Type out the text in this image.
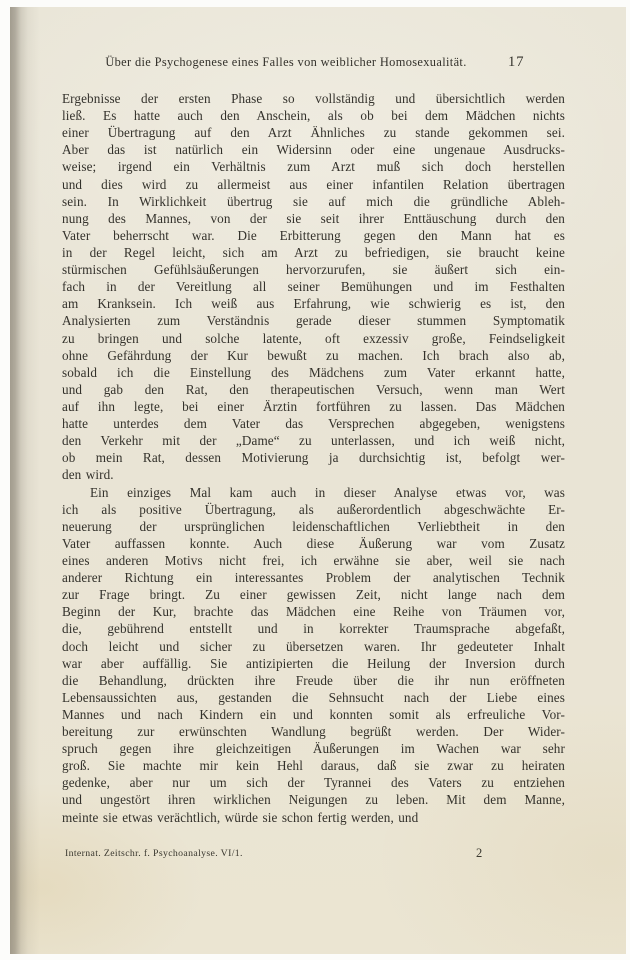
Über die Psychogenese eines Falles von weiblicher Homosexualität.	17
Ergebnisse der ersten Phase so vollständig und übersichtlich werden
ließ. Es hatte auch den Anschein, als ob bei dem Mädchen nichts
einer Übertragung auf den Arzt Ähnliches zu stande gekommen sei.
Aber das ist natürlich ein Widersinn oder eine ungenaue Ausdrucks-
weise; irgend ein Verhältnis zum Arzt muß sich doch herstellen
und dies wird zu allermeist aus einer infantilen Relation übertragen
sein. In Wirklichkeit übertrug sie auf mich die gründliche Ableh-
nung des Mannes, von der sie seit ihrer Enttäuschung durch den
Vater beherrscht war. Die Erbitterung gegen den Mann hat es
in der Regel leicht, sich am Arzt zu befriedigen, sie braucht keine
stürmischen Gefühlsäußerungen hervorzurufen, sie äußert sich ein-
fach in der Vereitlung all seiner Bemühungen und im Festhalten
am Kranksein. Ich weiß aus Erfahrung, wie schwierig es ist, den
Analysierten zum Verständnis gerade dieser stummen Symptomatik
zu bringen und solche latente, oft exzessiv große, Feindseligkeit
ohne Gefährdung der Kur bewußt zu machen. Ich brach also ab,
sobald ich die Einstellung des Mädchens zum Vater erkannt hatte,
und gab den Rat, den therapeutischen Versuch, wenn man Wert
auf ihn legte, bei einer Ärztin fortführen zu lassen. Das Mädchen
hatte unterdes dem Vater das Versprechen abgegeben, wenigstens
den Verkehr mit der „Dame“ zu unterlassen, und ich weiß nicht,
ob mein Rat, dessen Motivierung ja durchsichtig ist, befolgt wer-
den wird.
Ein einziges Mal kam auch in dieser Analyse etwas vor, was
ich als positive Übertragung, als außerordentlich abgeschwächte Er-
neuerung der ursprünglichen leidenschaftlichen Verliebtheit in den
Vater auffassen konnte. Auch diese Äußerung war vom Zusatz
eines anderen Motivs nicht frei, ich erwähne sie aber, weil sie nach
anderer Richtung ein interessantes Problem der analytischen Technik
zur Frage bringt. Zu einer gewissen Zeit, nicht lange nach dem
Beginn der Kur, brachte das Mädchen eine Reihe von Träumen vor,
die, gebührend entstellt und in korrekter Traumsprache abgefaßt,
doch leicht und sicher zu übersetzen waren. Ihr gedeuteter Inhalt
war aber auffällig. Sie antizipierten die Heilung der Inversion durch
die Behandlung, drückten ihre Freude über die ihr nun eröffneten
Lebensaussichten aus, gestanden die Sehnsucht nach der Liebe eines
Mannes und nach Kindern ein und konnten somit als erfreuliche Vor-
bereitung zur erwünschten Wandlung begrüßt werden. Der Wider-
spruch gegen ihre gleichzeitigen Äußerungen im Wachen war sehr
groß. Sie machte mir kein Hehl daraus, daß sie zwar zu heiraten
gedenke, aber nur um sich der Tyrannei des Vaters zu entziehen
und ungestört ihren wirklichen Neigungen zu leben. Mit dem Manne,
meinte sie etwas verächtlich, würde sie schon fertig werden, und
Internat. Zeitschr. f. Psychoanalyse. VI/1.	2
